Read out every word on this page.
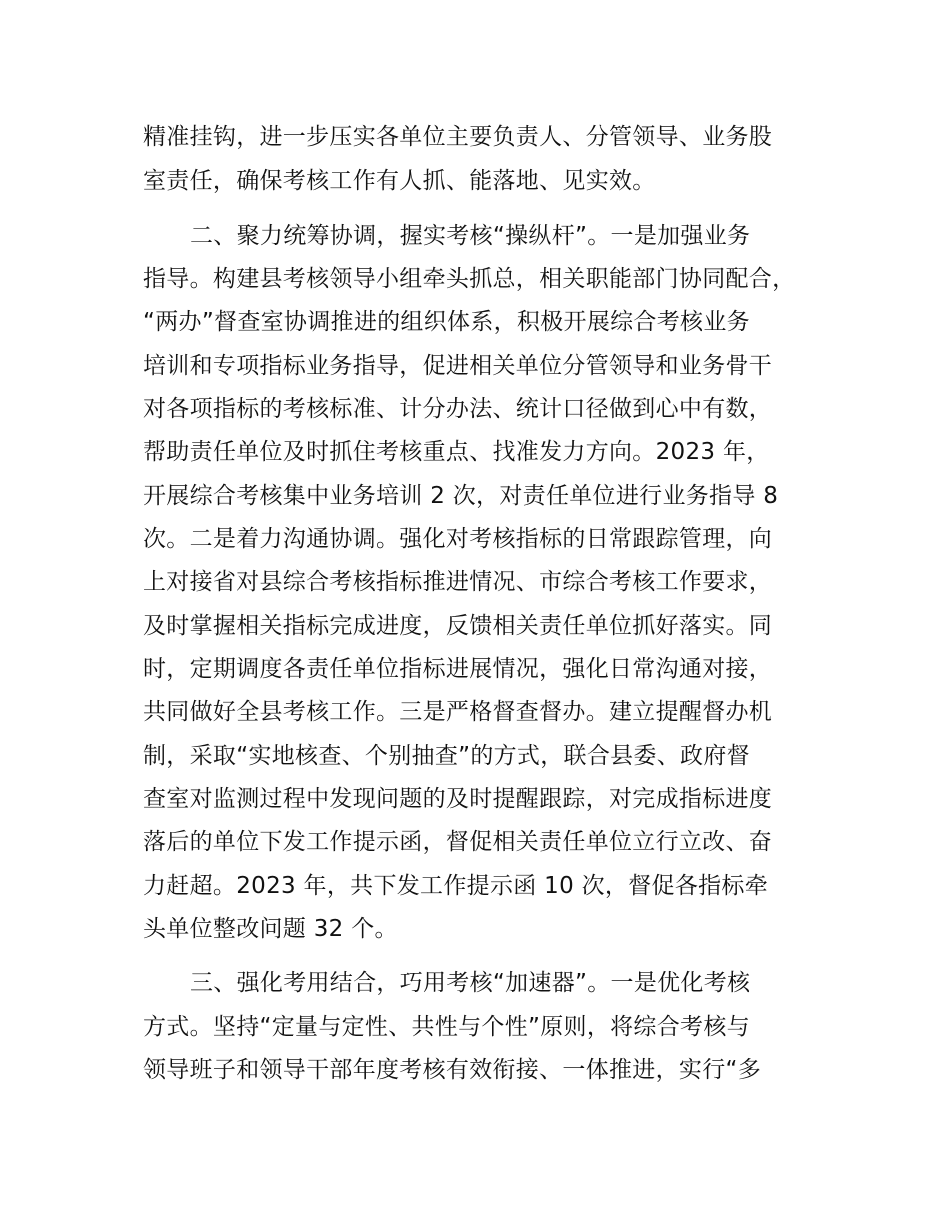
精准挂钩，进一步压实各单位主要负责人、分管领导、业务股
室责任，确保考核工作有人抓、能落地、见实效。
二、聚力统筹协调，握实考核“操纵杆”。一是加强业务
指导。构建县考核领导小组牵头抓总，相关职能部门协同配合，
“两办”督查室协调推进的组织体系，积极开展综合考核业务
培训和专项指标业务指导，促进相关单位分管领导和业务骨干
对各项指标的考核标准、计分办法、统计口径做到心中有数，
帮助责任单位及时抓住考核重点、找准发力方向。2023 年，
开展综合考核集中业务培训 2 次，对责任单位进行业务指导 8
次。二是着力沟通协调。强化对考核指标的日常跟踪管理，向
上对接省对县综合考核指标推进情况、市综合考核工作要求，
及时掌握相关指标完成进度，反馈相关责任单位抓好落实。同
时，定期调度各责任单位指标进展情况，强化日常沟通对接，
共同做好全县考核工作。三是严格督查督办。建立提醒督办机
制，采取“实地核查、个别抽查”的方式，联合县委、政府督
查室对监测过程中发现问题的及时提醒跟踪，对完成指标进度
落后的单位下发工作提示函，督促相关责任单位立行立改、奋
力赶超。2023 年，共下发工作提示函 10 次，督促各指标牵
头单位整改问题 32 个。
三、强化考用结合，巧用考核“加速器”。一是优化考核
方式。坚持“定量与定性、共性与个性”原则，将综合考核与
领导班子和领导干部年度考核有效衔接、一体推进，实行“多
